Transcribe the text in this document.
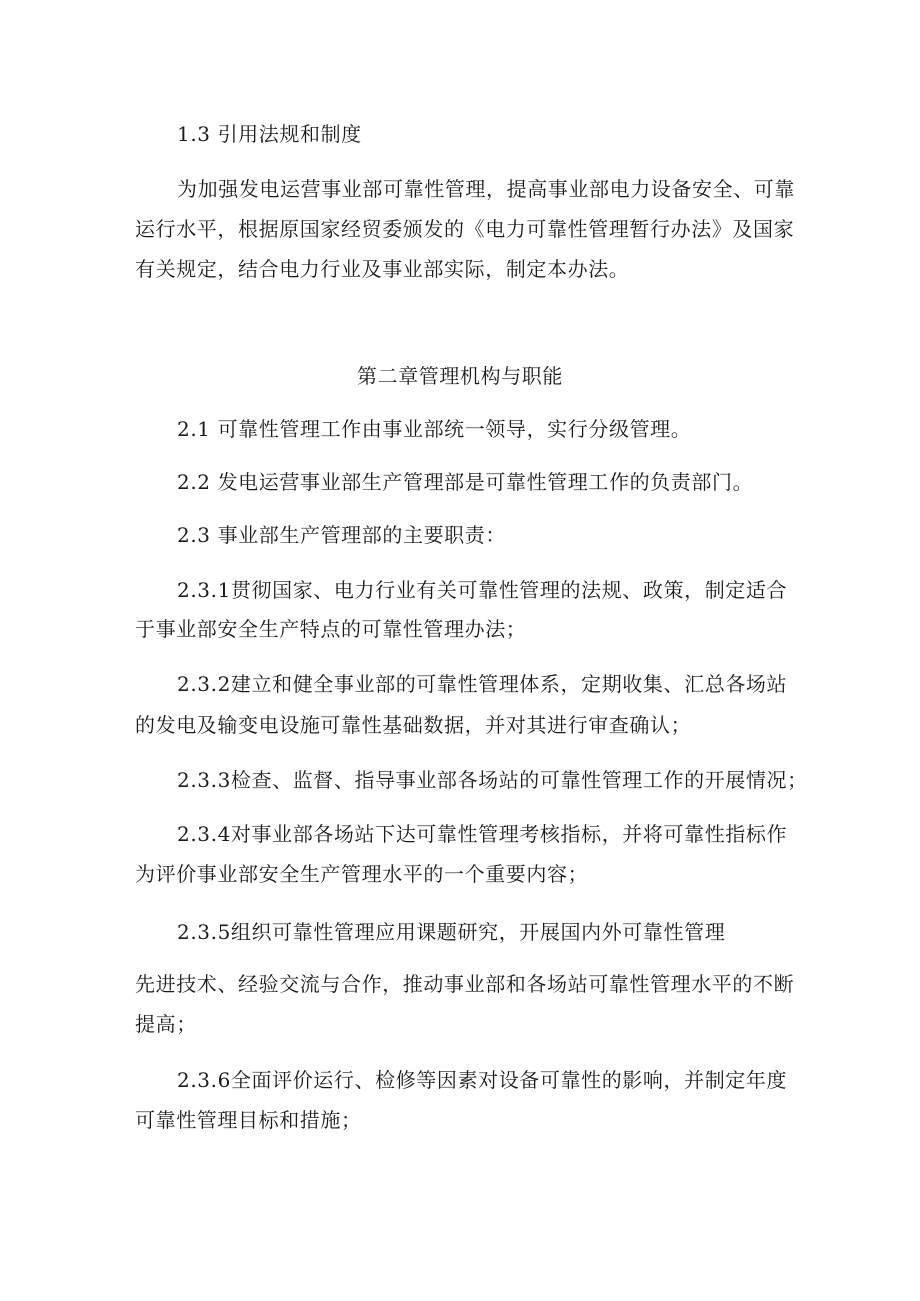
1.3 引用法规和制度
为加强发电运营事业部可靠性管理，提高事业部电力设备安全、可靠
运行水平，根据原国家经贸委颁发的《电力可靠性管理暂行办法》及国家
有关规定，结合电力行业及事业部实际，制定本办法。
第二章管理机构与职能
2.1 可靠性管理工作由事业部统一领导，实行分级管理。
2.2 发电运营事业部生产管理部是可靠性管理工作的负责部门。
2.3 事业部生产管理部的主要职责：
2.3.1贯彻国家、电力行业有关可靠性管理的法规、政策，制定适合
于事业部安全生产特点的可靠性管理办法；
2.3.2建立和健全事业部的可靠性管理体系，定期收集、汇总各场站
的发电及输变电设施可靠性基础数据，并对其进行审查确认；
2.3.3检查、监督、指导事业部各场站的可靠性管理工作的开展情况；
2.3.4对事业部各场站下达可靠性管理考核指标，并将可靠性指标作
为评价事业部安全生产管理水平的一个重要内容；
2.3.5组织可靠性管理应用课题研究，开展国内外可靠性管理
先进技术、经验交流与合作，推动事业部和各场站可靠性管理水平的不断
提高；
2.3.6全面评价运行、检修等因素对设备可靠性的影响，并制定年度
可靠性管理目标和措施；
